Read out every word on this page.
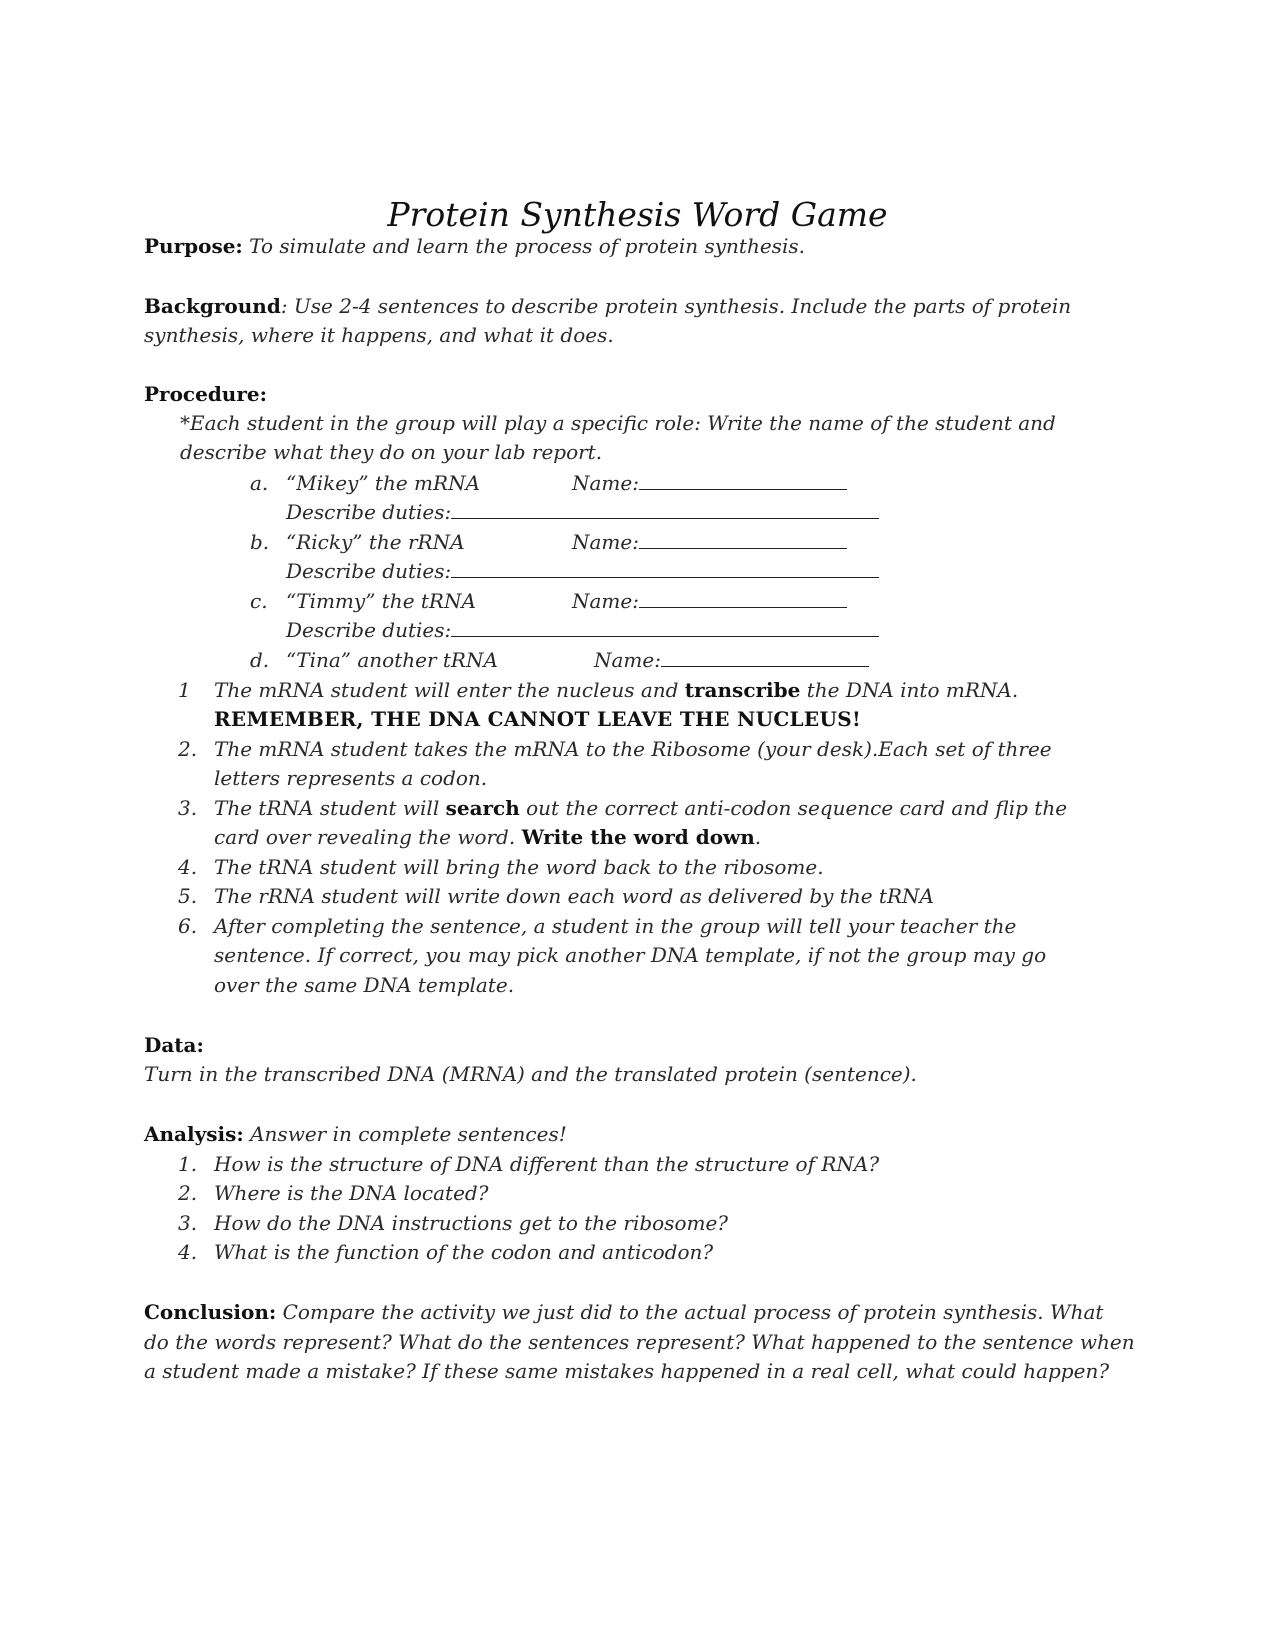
Protein Synthesis Word Game
Purpose: To simulate and learn the process of protein synthesis.
Background: Use 2-4 sentences to describe protein synthesis. Include the parts of protein
synthesis, where it happens, and what it does.
Procedure:
*Each student in the group will play a specific role: Write the name of the student and
describe what they do on your lab report.
a. “Mikey” the mRNA	Name:
Describe duties:
b. “Ricky” the rRNA	Name:
Describe duties:
c. “Timmy” the tRNA	Name:
Describe duties:
d. “Tina” another tRNA	Name:
1 The mRNA student will enter the nucleus and transcribe the DNA into mRNA.
REMEMBER, THE DNA CANNOT LEAVE THE NUCLEUS!
2. The mRNA student takes the mRNA to the Ribosome (your desk).Each set of three
letters represents a codon.
3. The tRNA student will search out the correct anti-codon sequence card and flip the
card over revealing the word. Write the word down.
4. The tRNA student will bring the word back to the ribosome.
5. The rRNA student will write down each word as delivered by the tRNA
6. After completing the sentence, a student in the group will tell your teacher the
sentence. If correct, you may pick another DNA template, if not the group may go
over the same DNA template.
Data:
Turn in the transcribed DNA (MRNA) and the translated protein (sentence).
Analysis: Answer in complete sentences!
1. How is the structure of DNA different than the structure of RNA?
2. Where is the DNA located?
3. How do the DNA instructions get to the ribosome?
4. What is the function of the codon and anticodon?
Conclusion: Compare the activity we just did to the actual process of protein synthesis. What
do the words represent? What do the sentences represent? What happened to the sentence when
a student made a mistake? If these same mistakes happened in a real cell, what could happen?
